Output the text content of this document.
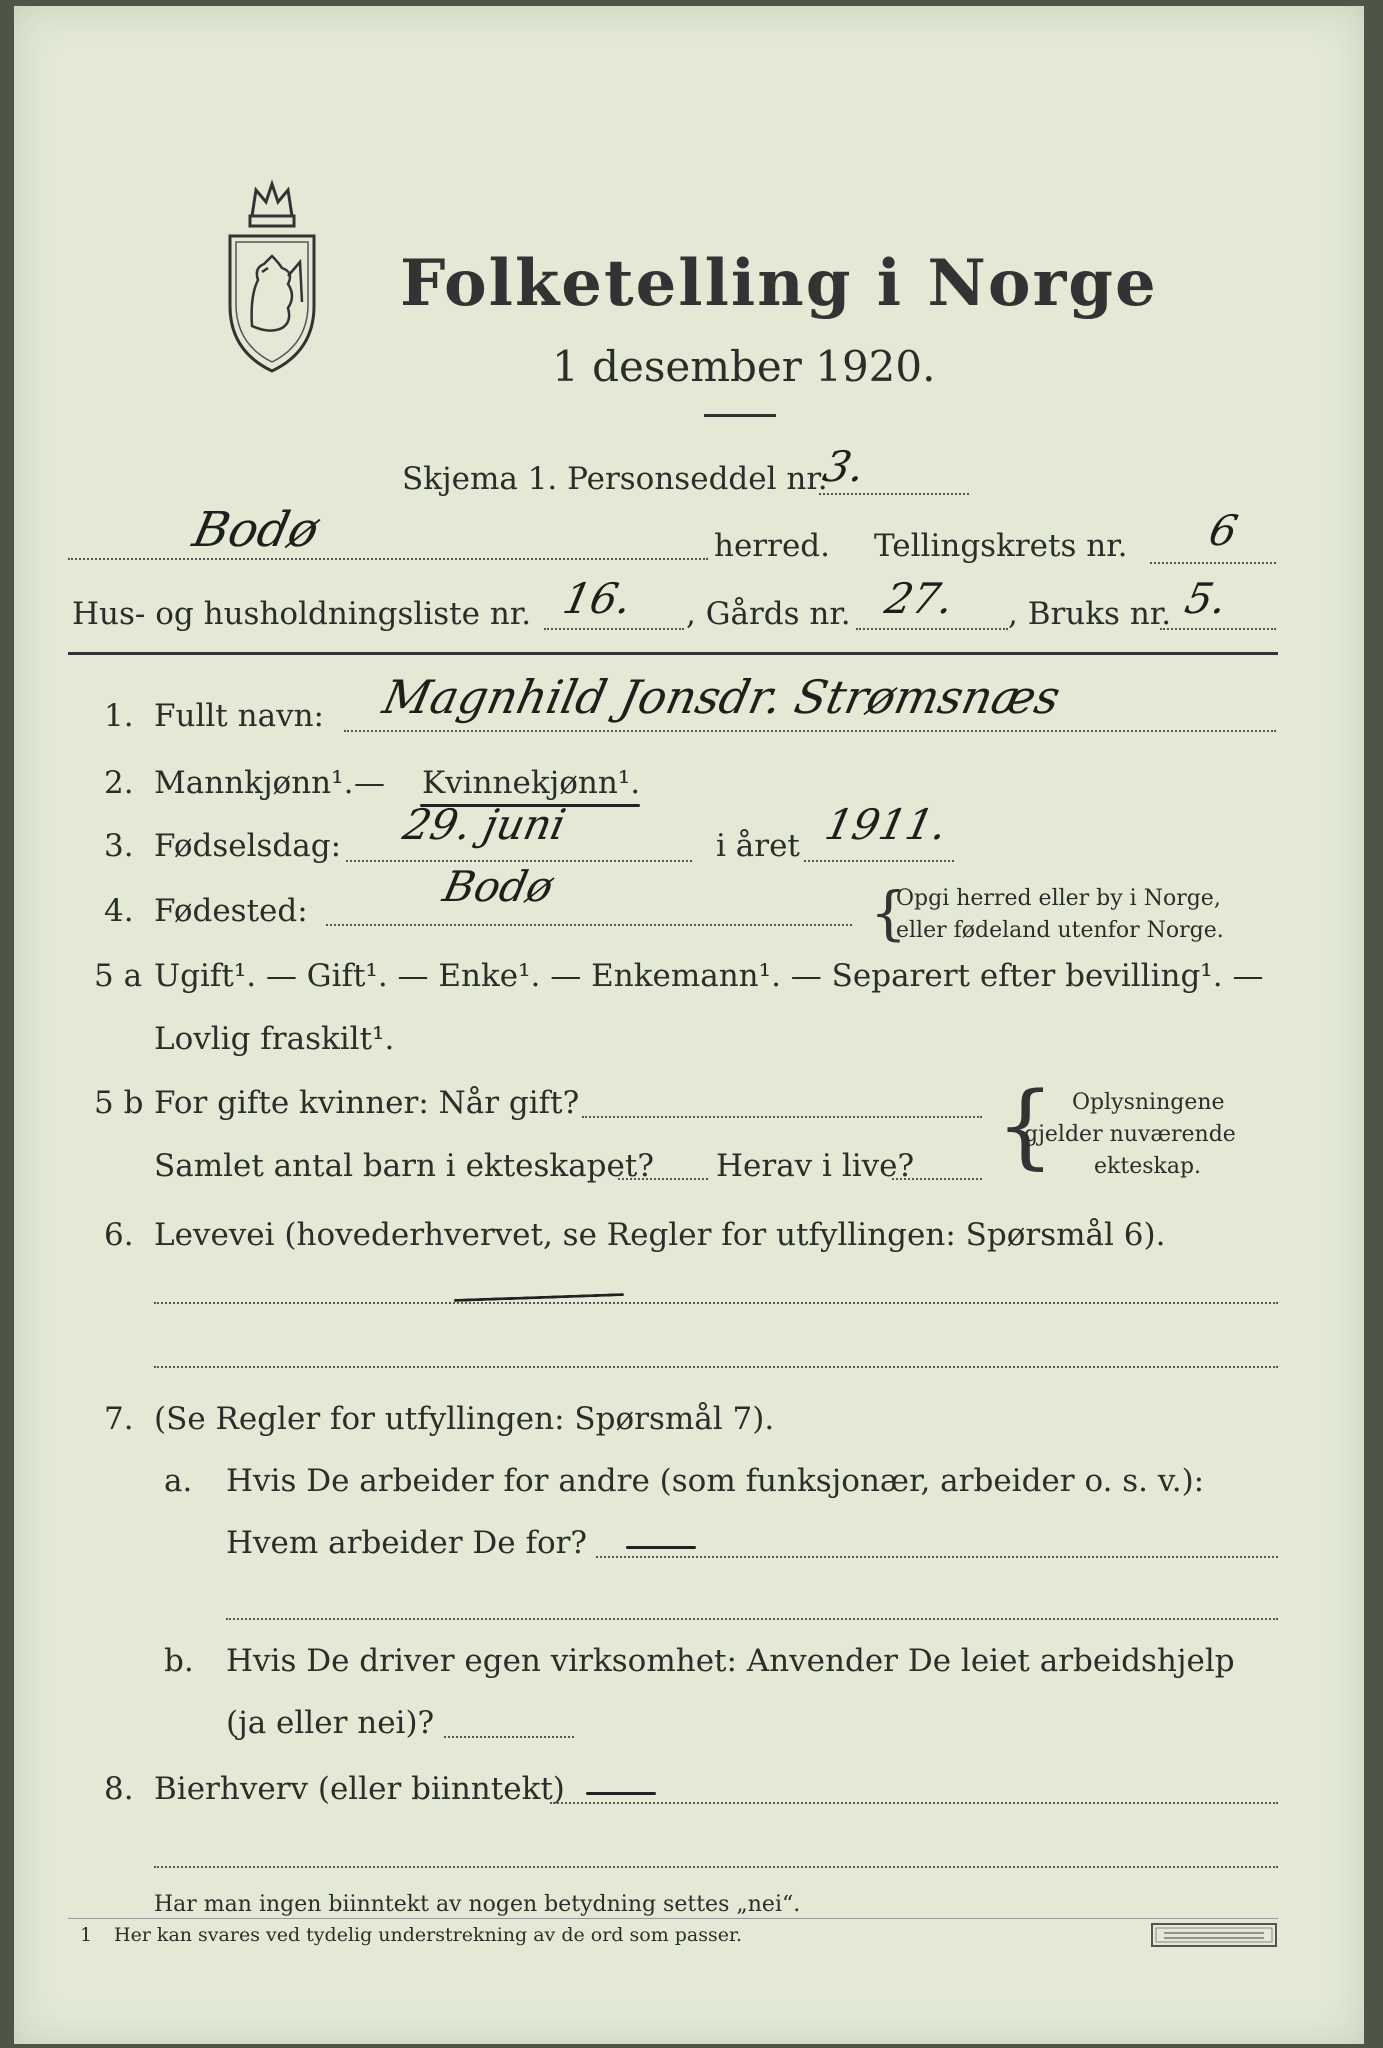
Folketelling i Norge
1 desember 1920.
Skjema 1. Personseddel nr.
3.
Bodø	herred. Tellingskrets nr. 6
Hus- og husholdningsliste nr. 16. , Gårds nr. 27. , Bruks nr. 5.
1. Fullt navn: Magnhild Jonsdr. Strømsnæs
2. Mannkjønn¹. — Kvinnekjønn¹.
3. Fødselsdag: 29. juni	i året 1911.
4. Fødested:	Bodø	{
Opgi herred eller by i Norge,
eller fødeland utenfor Norge.
5 a Ugift¹. — Gift¹. — Enke¹. — Enkemann¹. — Separert efter bevilling¹. —
Lovlig fraskilt¹.
5 b For gifte kvinner: Når gift?
Samlet antal barn i ekteskapet? Herav i live? { Oplysningene
gjelder nuværende
ekteskap.
6. Levevei (hovederhvervet, se Regler for utfyllingen: Spørsmål 6).
7. (Se Regler for utfyllingen: Spørsmål 7).
a. Hvis De arbeider for andre (som funksjonær, arbeider o. s. v.):
Hvem arbeider De for?
b. Hvis De driver egen virksomhet: Anvender De leiet arbeidshjelp
(ja eller nei)?
8. Bierhverv (eller biinntekt)
Har man ingen biinntekt av nogen betydning settes „nei“.
1 Her kan svares ved tydelig understrekning av de ord som passer.
